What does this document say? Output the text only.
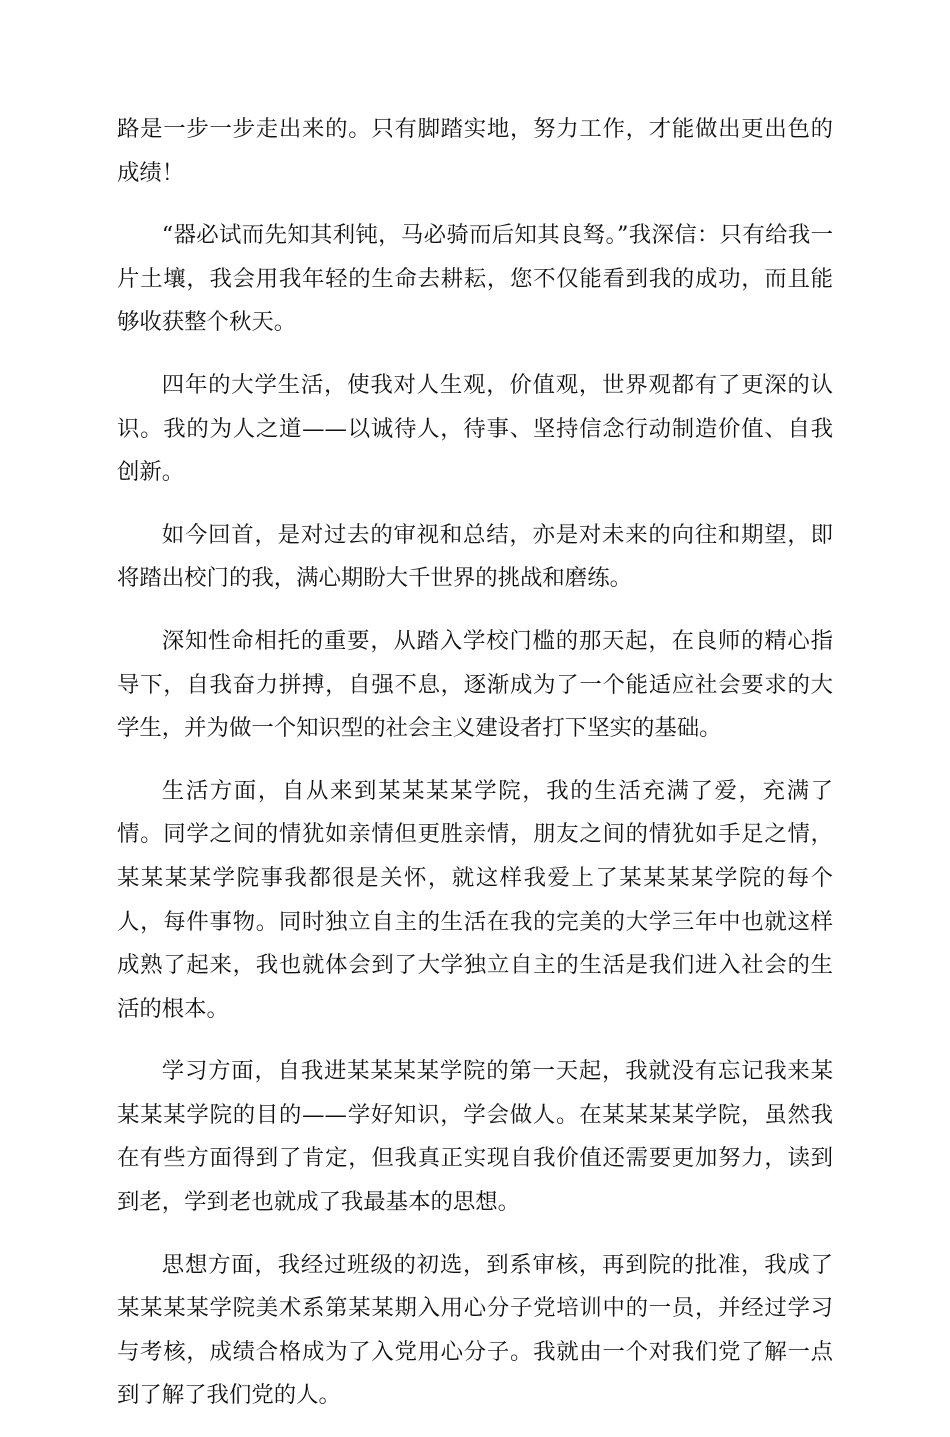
路是一步一步走出来的。只有脚踏实地，努力工作，才能做出更出色的成绩！

“器必试而先知其利钝，马必骑而后知其良驽。”我深信：只有给我一片土壤，我会用我年轻的生命去耕耘，您不仅能看到我的成功，而且能够收获整个秋天。

四年的大学生活，使我对人生观，价值观，世界观都有了更深的认识。我的为人之道——以诚待人，待事、坚持信念行动制造价值、自我创新。

如今回首，是对过去的审视和总结，亦是对未来的向往和期望，即将踏出校门的我，满心期盼大千世界的挑战和磨练。

深知性命相托的重要，从踏入学校门槛的那天起，在良师的精心指导下，自我奋力拼搏，自强不息，逐渐成为了一个能适应社会要求的大学生，并为做一个知识型的社会主义建设者打下坚实的基础。

生活方面，自从来到某某某某学院，我的生活充满了爱，充满了情。同学之间的情犹如亲情但更胜亲情，朋友之间的情犹如手足之情，某某某某学院事我都很是关怀，就这样我爱上了某某某某学院的每个人，每件事物。同时独立自主的生活在我的完美的大学三年中也就这样成熟了起来，我也就体会到了大学独立自主的生活是我们进入社会的生活的根本。

学习方面，自我进某某某某学院的第一天起，我就没有忘记我来某某某某学院的目的——学好知识，学会做人。在某某某某学院，虽然我在有些方面得到了肯定，但我真正实现自我价值还需要更加努力，读到到老，学到老也就成了我最基本的思想。

思想方面，我经过班级的初选，到系审核，再到院的批准，我成了某某某某学院美术系第某某期入用心分子党培训中的一员，并经过学习与考核，成绩合格成为了入党用心分子。我就由一个对我们党了解一点到了解了我们党的人。
